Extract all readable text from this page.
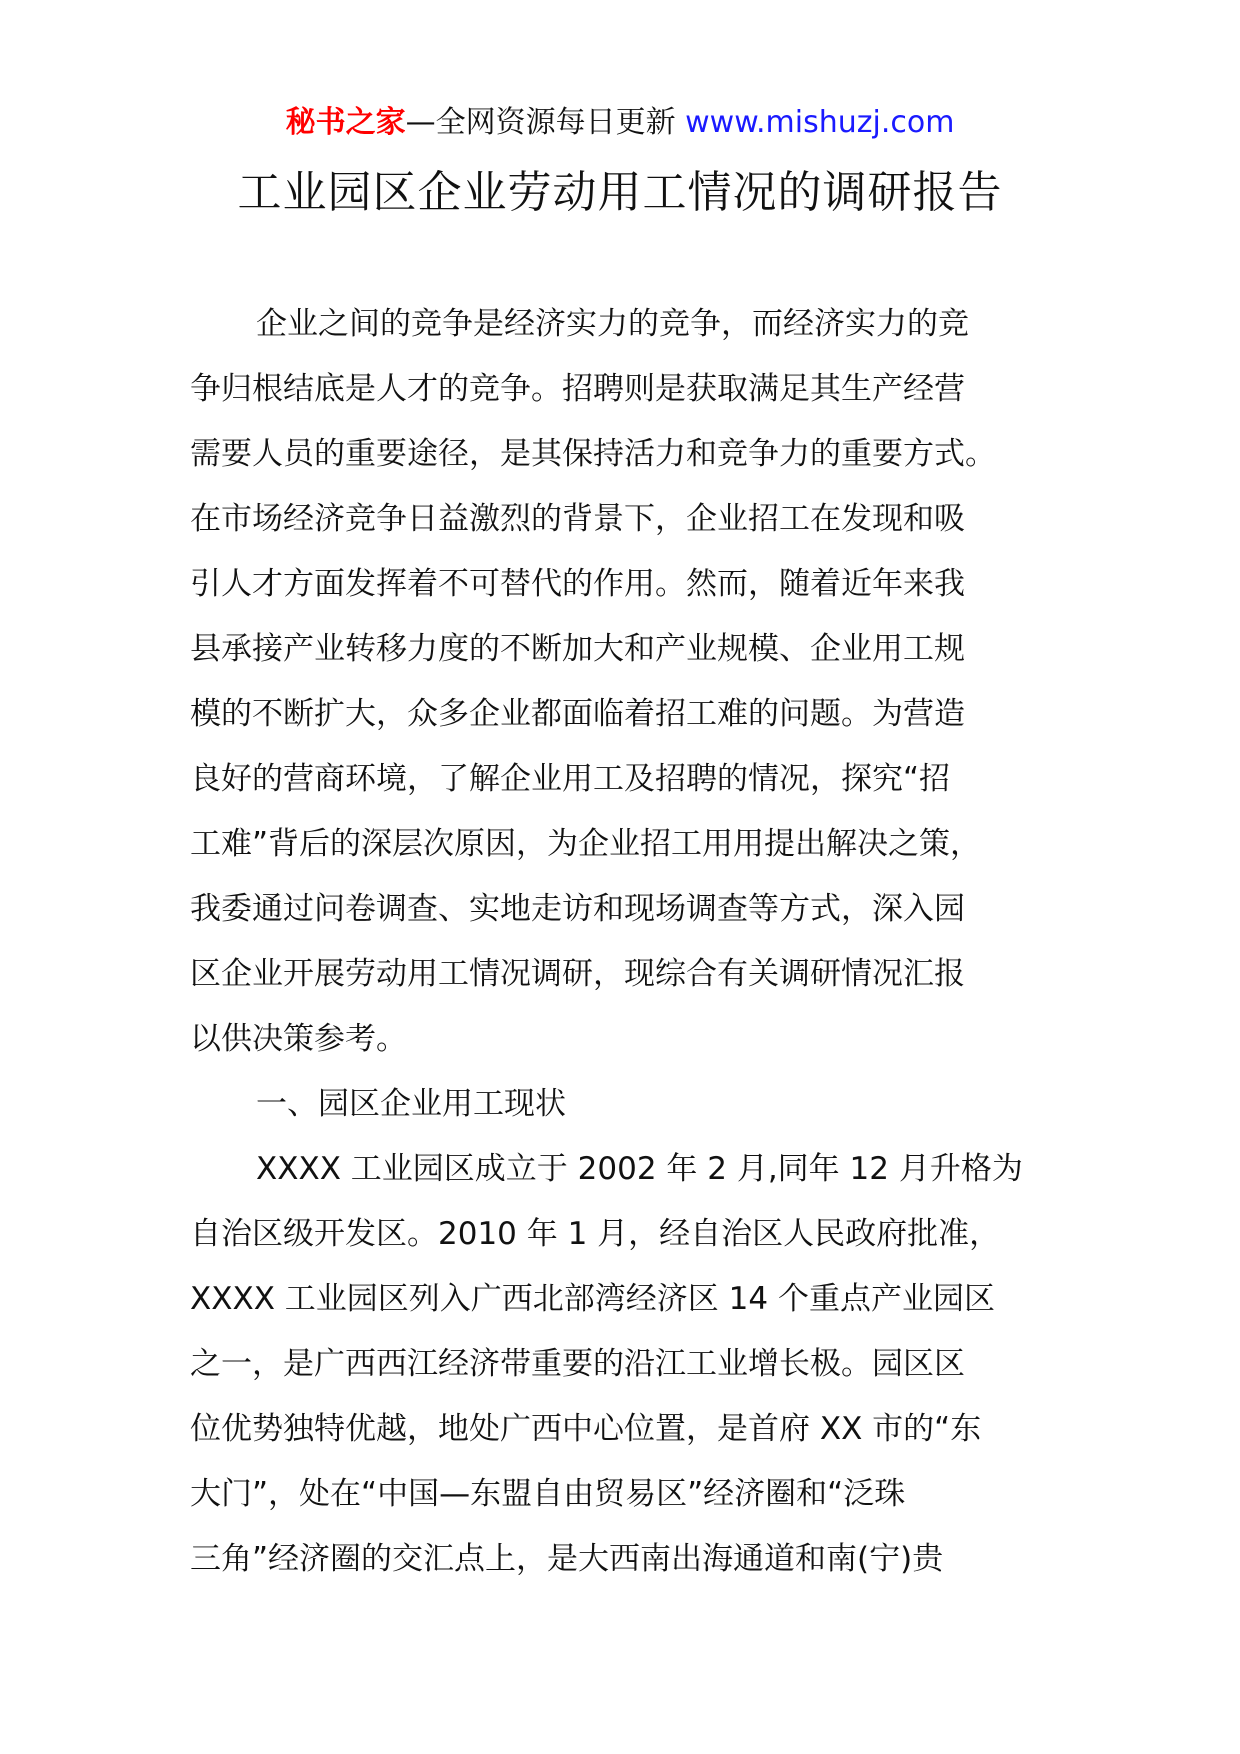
秘书之家—全网资源每日更新 www.mishuzj.com
工业园区企业劳动用工情况的调研报告
企业之间的竞争是经济实力的竞争，而经济实力的竞
争归根结底是人才的竞争。招聘则是获取满足其生产经营
需要人员的重要途径，是其保持活力和竞争力的重要方式。
在市场经济竞争日益激烈的背景下，企业招工在发现和吸
引人才方面发挥着不可替代的作用。然而，随着近年来我
县承接产业转移力度的不断加大和产业规模、企业用工规
模的不断扩大，众多企业都面临着招工难的问题。为营造
良好的营商环境，了解企业用工及招聘的情况，探究“招
工难”背后的深层次原因，为企业招工用用提出解决之策，
我委通过问卷调查、实地走访和现场调查等方式，深入园
区企业开展劳动用工情况调研，现综合有关调研情况汇报
以供决策参考。
一、园区企业用工现状
XXXX 工业园区成立于 2002 年 2 月,同年 12 月升格为
自治区级开发区。2010 年 1 月，经自治区人民政府批准，
XXXX 工业园区列入广西北部湾经济区 14 个重点产业园区
之一，是广西西江经济带重要的沿江工业增长极。园区区
位优势独特优越，地处广西中心位置，是首府 XX 市的“东
大门”，处在“中国—东盟自由贸易区”经济圈和“泛珠
三角”经济圈的交汇点上，是大西南出海通道和南(宁)贵
